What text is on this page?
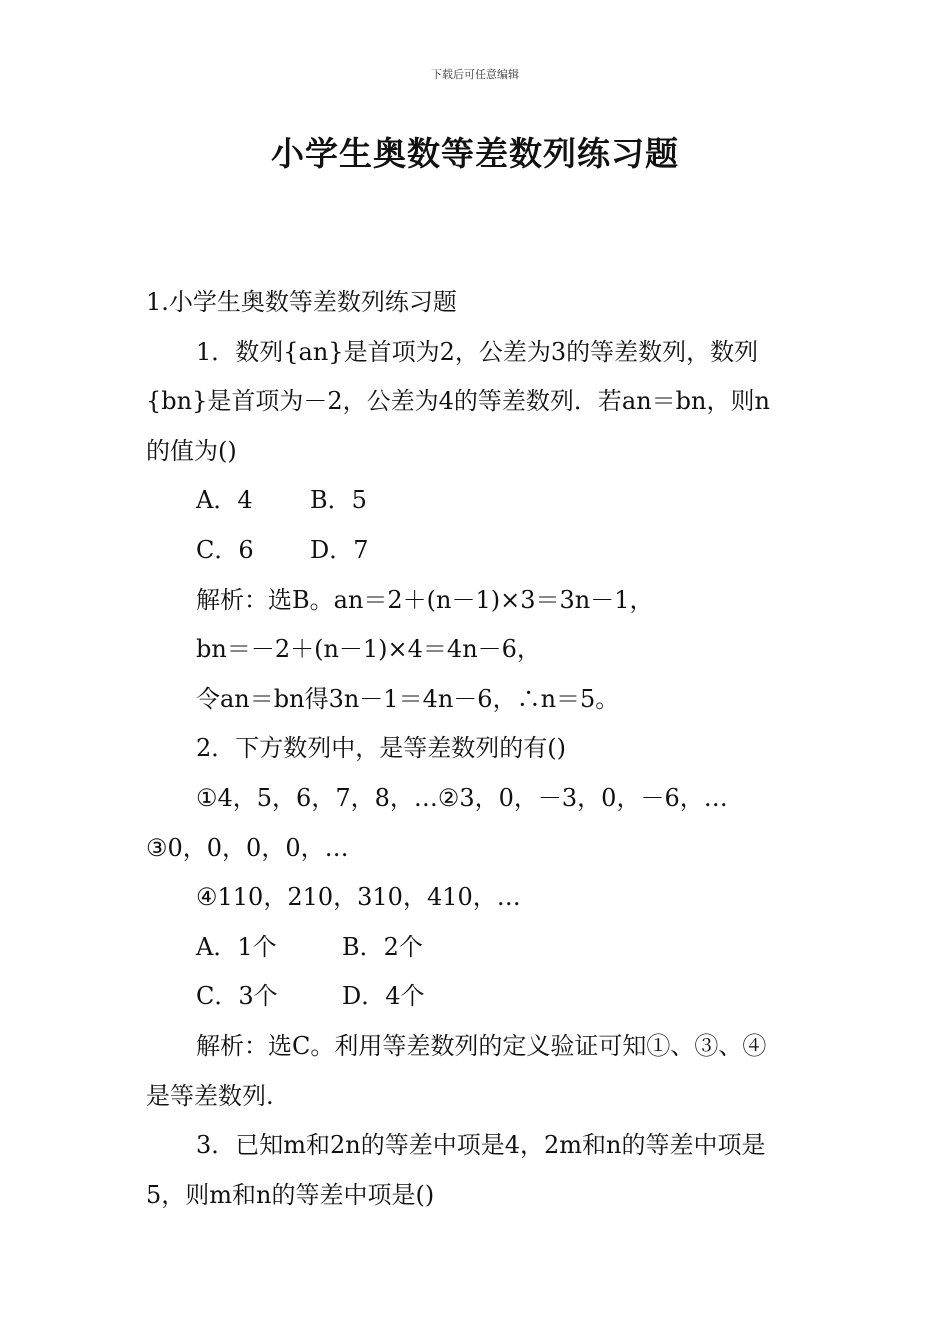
下载后可任意编辑
小学生奥数等差数列练习题
1.小学生奥数等差数列练习题
1．数列{an}是首项为2，公差为3的等差数列，数列
{bn}是首项为－2，公差为4的等差数列．若an＝bn，则n
的值为()
A．4 B．5
C．6 D．7
解析：选B。an＝2＋(n－1)×3＝3n－1，
bn＝－2＋(n－1)×4＝4n－6，
令an＝bn得3n－1＝4n－6，∴n＝5。
2．下方数列中，是等差数列的有()
①4，5，6，7，8，…②3，0，－3，0，－6，…
③0，0，0，0，…
④110，210，310，410，…
A．1个	B．2个
C．3个	D．4个
解析：选C。利用等差数列的定义验证可知①、③、④
是等差数列.
3．已知m和2n的等差中项是4，2m和n的等差中项是
5，则m和n的等差中项是()
